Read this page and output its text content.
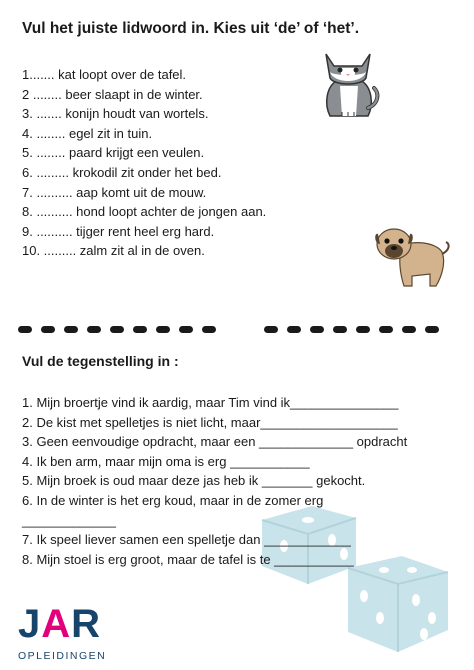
Vul het juiste lidwoord in. Kies uit ‘de’ of ‘het’.
1....... kat loopt over de tafel.
2 ........ beer slaapt in de winter.
3. ....... konijn houdt van wortels.
4. ........ egel zit in tuin.
5. ........ paard krijgt een veulen.
6. ......... krokodil zit onder het bed.
7. .......... aap komt uit de mouw.
8. .......... hond loopt achter de jongen aan.
9. .......... tijger rent heel erg hard.
10. ......... zalm zit al in de oven.
Vul de tegenstelling in :
1. Mijn broertje vind ik aardig, maar Tim vind ik_______________
2. De kist met spelletjes is niet licht, maar___________________
3. Geen eenvoudige opdracht, maar een _____________ opdracht
4. Ik ben arm, maar mijn oma is erg ___________
5. Mijn broek is oud maar deze jas heb ik _______ gekocht.
6. In de winter is het erg koud, maar in de zomer erg
_____________
7. Ik speel liever samen een spelletje dan ____________
8. Mijn stoel is erg groot, maar de tafel is te ___________
JAR
OPLEIDINGEN
